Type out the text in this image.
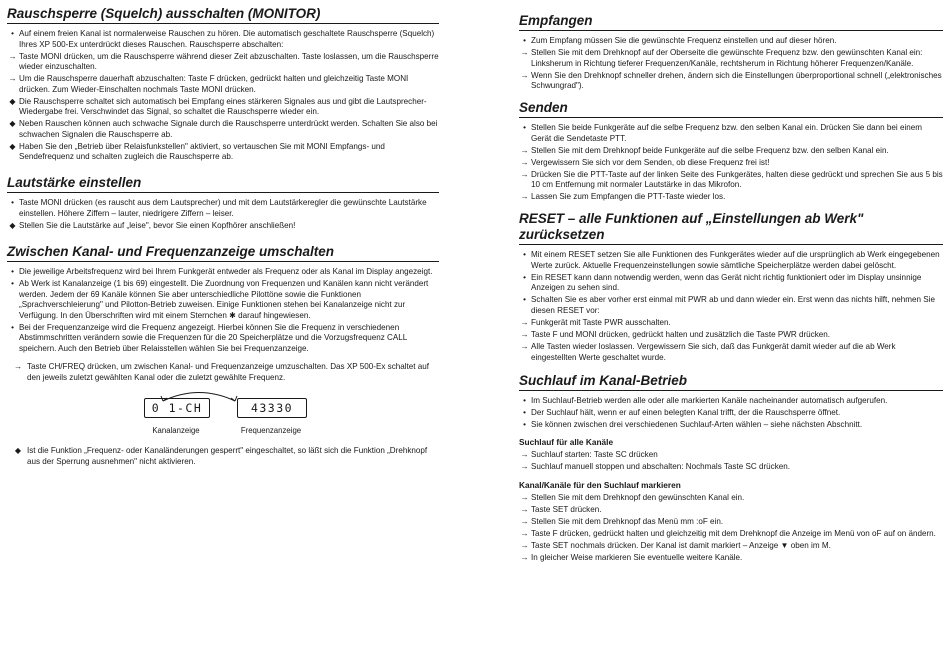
Rauschsperre (Squelch) ausschalten (MONITOR)
• Auf einem freien Kanal ist normalerweise Rauschen zu hören. Die automatisch geschaltete Rauschsperre (Squelch) Ihres XP 500-Ex unterdrückt dieses Rauschen. Rauschsperre abschalten:
→ Taste MONI drücken, um die Rauschsperre während dieser Zeit abzuschalten. Taste loslassen, um die Rauschsperre wieder einzuschalten.
→ Um die Rauschsperre dauerhaft abzuschalten: Taste F drücken, gedrückt halten und gleichzeitig Taste MONI drücken. Zum Wieder-Einschalten nochmals Taste MONI drücken.
◆ Die Rauschsperre schaltet sich automatisch bei Empfang eines stärkeren Signales aus und gibt die Lautsprecher-Wiedergabe frei. Verschwindet das Signal, so schaltet die Rauschsperre wieder ein.
◆ Neben Rauschen können auch schwache Signale durch die Rauschsperre unterdrückt werden. Schalten Sie also bei schwachen Signalen die Rauschsperre ab.
◆ Haben Sie den „Betrieb über Relaisfunkstellen" aktiviert, so vertauschen Sie mit MONI Empfangs- und Sendefrequenz und schalten zugleich die Rauschsperre ab.
Lautstärke einstellen
• Taste MONI drücken (es rauscht aus dem Lautsprecher) und mit dem Lautstärkeregler die gewünschte Lautstärke einstellen. Höhere Ziffern – lauter, niedrigere Ziffern – leiser.
◆ Stellen Sie die Lautstärke auf „leise", bevor Sie einen Kopfhörer anschließen!
Zwischen Kanal- und Frequenzanzeige umschalten
• Die jeweilige Arbeitsfrequenz wird bei Ihrem Funkgerät entweder als Frequenz oder als Kanal im Display angezeigt.
• Ab Werk ist Kanalanzeige (1 bis 69) eingestellt. Die Zuordnung von Frequenzen und Kanälen kann nicht verändert werden. Jedem der 69 Kanäle können Sie aber unterschiedliche Pilottöne sowie die Funktionen „Sprachverschleierung" und Pilotton-Betrieb zuweisen. Einige Funktionen stehen bei Kanalanzeige nicht zur Verfügung. In den Überschriften wird mit einem Sternchen ✱ darauf hingewiesen.
• Bei der Frequenzanzeige wird die Frequenz angezeigt. Hierbei können Sie die Frequenz in verschiedenen Abstimmschritten verändern sowie die Frequenzen für die 20 Speicherplätze und die Vorzugsfrequenz CALL speichern. Auch den Betrieb über Relaisstellen wählen Sie bei Frequenzanzeige.
→ Taste CH/FREQ drücken, um zwischen Kanal- und Frequenzanzeige umzuschalten. Das XP 500-Ex schaltet auf den jeweils zuletzt gewählten Kanal oder die zuletzt gewählte Frequenz.
0 1-CH	43330
Kanalanzeige	Frequenzanzeige
◆ Ist die Funktion „Frequenz- oder Kanaländerungen gesperrt" eingeschaltet, so läßt sich die Funktion „Drehknopf aus der Sperrung ausnehmen" nicht aktivieren.
Empfangen
• Zum Empfang müssen Sie die gewünschte Frequenz einstellen und auf dieser hören.
→ Stellen Sie mit dem Drehknopf auf der Oberseite die gewünschte Frequenz bzw. den gewünschten Kanal ein: Linksherum in Richtung tieferer Frequenzen/Kanäle, rechtsherum in Richtung höherer Frequenzen/Kanäle.
→ Wenn Sie den Drehknopf schneller drehen, ändern sich die Einstellungen überproportional schnell („elektronisches Schwungrad").
Senden
• Stellen Sie beide Funkgeräte auf die selbe Frequenz bzw. den selben Kanal ein. Drücken Sie dann bei einem Gerät die Sendetaste PTT.
→ Stellen Sie mit dem Drehknopf beide Funkgeräte auf die selbe Frequenz bzw. den selben Kanal ein.
→ Vergewissern Sie sich vor dem Senden, ob diese Frequenz frei ist!
→ Drücken Sie die PTT-Taste auf der linken Seite des Funkgerätes, halten diese gedrückt und sprechen Sie aus 5 bis 10 cm Entfernung mit normaler Lautstärke in das Mikrofon.
→ Lassen Sie zum Empfangen die PTT-Taste wieder los.
RESET – alle Funktionen auf „Einstellungen ab Werk" zurücksetzen
• Mit einem RESET setzen Sie alle Funktionen des Funkgerätes wieder auf die ursprünglich ab Werk eingegebenen Werte zurück. Aktuelle Frequenzeinstellungen sowie sämtliche Speicherplätze werden dabei gelöscht.
• Ein RESET kann dann notwendig werden, wenn das Gerät nicht richtig funktioniert oder im Display unsinnige Anzeigen zu sehen sind.
• Schalten Sie es aber vorher erst einmal mit PWR ab und dann wieder ein. Erst wenn das nichts hilft, nehmen Sie diesen RESET vor:
→ Funkgerät mit Taste PWR ausschalten.
→ Taste F und MONI drücken, gedrückt halten und zusätzlich die Taste PWR drücken.
→ Alle Tasten wieder loslassen. Vergewissern Sie sich, daß das Funkgerät damit wieder auf die ab Werk eingestellten Werte geschaltet wurde.
Suchlauf im Kanal-Betrieb
• Im Suchlauf-Betrieb werden alle oder alle markierten Kanäle nacheinander automatisch aufgerufen.
• Der Suchlauf hält, wenn er auf einen belegten Kanal trifft, der die Rauschsperre öffnet.
• Sie können zwischen drei verschiedenen Suchlauf-Arten wählen – siehe nächsten Abschnitt.
Suchlauf für alle Kanäle
→ Suchlauf starten: Taste SC drücken
→ Suchlauf manuell stoppen und abschalten: Nochmals Taste SC drücken.
Kanal/Kanäle für den Suchlauf markieren
→ Stellen Sie mit dem Drehknopf den gewünschten Kanal ein.
→ Taste SET drücken.
→ Stellen Sie mit dem Drehknopf das Menü mm :oF ein.
→ Taste F drücken, gedrückt halten und gleichzeitig mit dem Drehknopf die Anzeige im Menü von oF auf on ändern.
→ Taste SET nochmals drücken. Der Kanal ist damit markiert – Anzeige ▼ oben im M.
→ In gleicher Weise markieren Sie eventuelle weitere Kanäle.
